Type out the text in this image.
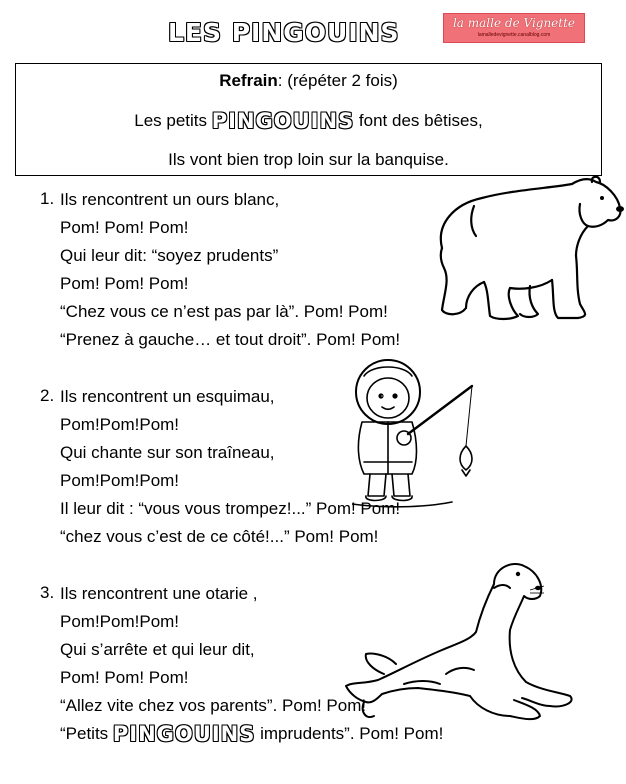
LES PINGOUINS	la malle de Vignette
lamalledevignette.canalblog.com
Refrain: (répéter 2 fois)
Les petits PINGOUINS font des bêtises,
Ils vont bien trop loin sur la banquise.
1. Ils rencontrent un ours blanc,
Pom! Pom! Pom!
Qui leur dit: “soyez prudents”
Pom! Pom! Pom!
“Chez vous ce n’est pas par là”. Pom! Pom!
“Prenez à gauche… et tout droit”. Pom! Pom!
2. Ils rencontrent un esquimau,
Pom!Pom!Pom!
Qui chante sur son traîneau,
Pom!Pom!Pom!
Il leur dit : “vous vous trompez!...” Pom! Pom!
“chez vous c’est de ce côté!...” Pom! Pom!
3. Ils rencontrent une otarie ,
Pom!Pom!Pom!
Qui s’arrête et qui leur dit,
Pom! Pom! Pom!
“Allez vite chez vos parents”. Pom! Pom!
“Petits PINGOUINS imprudents”. Pom! Pom!
